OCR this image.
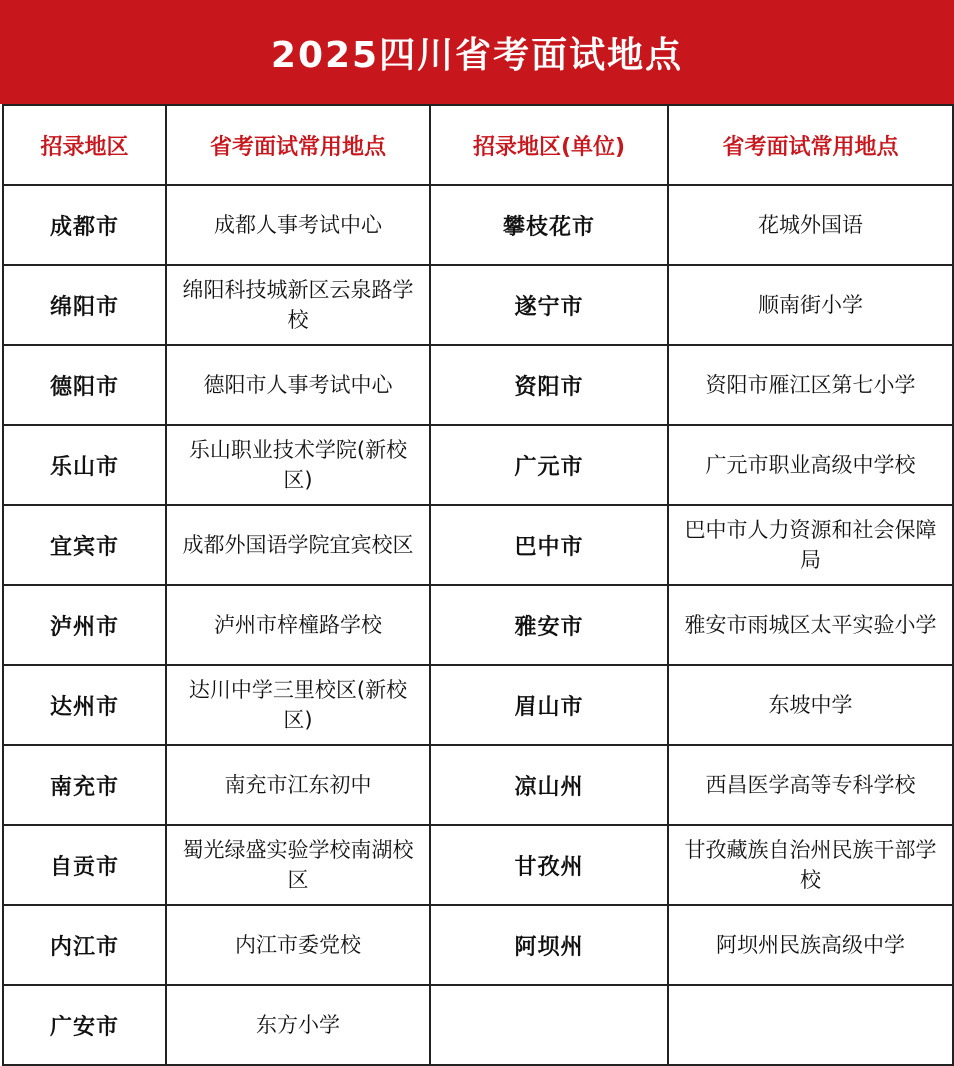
2025四川省考面试地点
招录地区	省考面试常用地点	招录地区(单位)	省考面试常用地点
成都市	成都人事考试中心	攀枝花市	花城外国语
绵阳市	绵阳科技城新区云泉路学校	遂宁市	顺南街小学
德阳市	德阳市人事考试中心	资阳市	资阳市雁江区第七小学
乐山市	乐山职业技术学院(新校区)	广元市	广元市职业高级中学校
宜宾市	成都外国语学院宜宾校区	巴中市	巴中市人力资源和社会保障局
泸州市	泸州市梓橦路学校	雅安市	雅安市雨城区太平实验小学
达州市	达川中学三里校区(新校区)	眉山市	东坡中学
南充市	南充市江东初中	凉山州	西昌医学高等专科学校
自贡市	蜀光绿盛实验学校南湖校区	甘孜州	甘孜藏族自治州民族干部学校
内江市	内江市委党校	阿坝州	阿坝州民族高级中学
广安市	东方小学		
